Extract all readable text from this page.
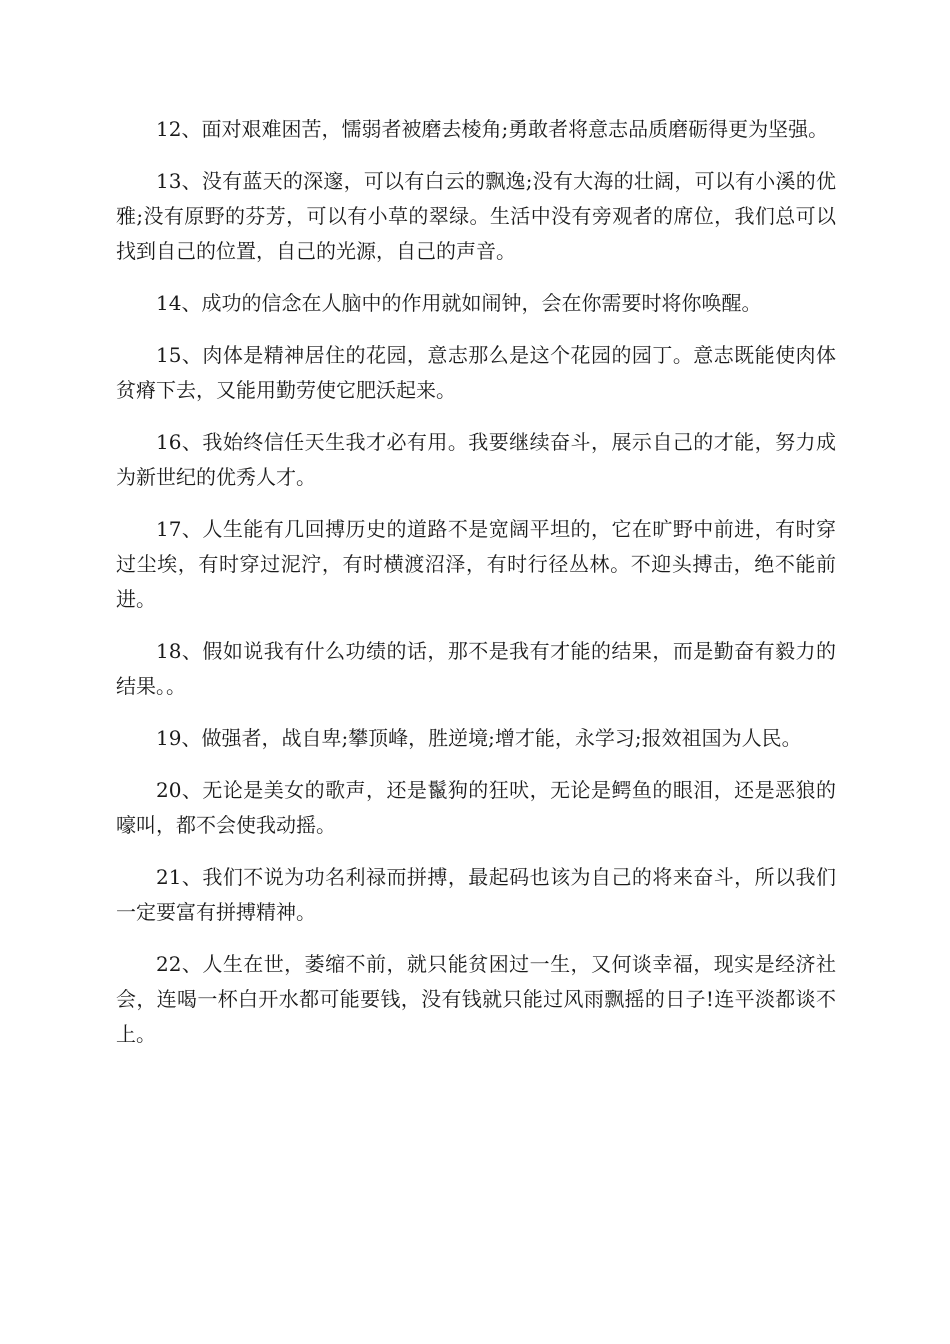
12、面对艰难困苦，懦弱者被磨去棱角;勇敢者将意志品质磨砺得更为坚强。

13、没有蓝天的深邃，可以有白云的飘逸;没有大海的壮阔，可以有小溪的优雅;没有原野的芬芳，可以有小草的翠绿。生活中没有旁观者的席位，我们总可以找到自己的位置，自己的光源，自己的声音。

14、成功的信念在人脑中的作用就如闹钟，会在你需要时将你唤醒。

15、肉体是精神居住的花园，意志那么是这个花园的园丁。意志既能使肉体贫瘠下去，又能用勤劳使它肥沃起来。

16、我始终信任天生我才必有用。我要继续奋斗，展示自己的才能，努力成为新世纪的优秀人才。

17、人生能有几回搏历史的道路不是宽阔平坦的，它在旷野中前进，有时穿过尘埃，有时穿过泥泞，有时横渡沼泽，有时行径丛林。不迎头搏击，绝不能前进。

18、假如说我有什么功绩的话，那不是我有才能的结果，而是勤奋有毅力的结果。。

19、做强者，战自卑;攀顶峰，胜逆境;增才能，永学习;报效祖国为人民。

20、无论是美女的歌声，还是鬣狗的狂吠，无论是鳄鱼的眼泪，还是恶狼的嚎叫，都不会使我动摇。

21、我们不说为功名利禄而拼搏，最起码也该为自己的将来奋斗，所以我们一定要富有拼搏精神。

22、人生在世，萎缩不前，就只能贫困过一生，又何谈幸福，现实是经济社会，连喝一杯白开水都可能要钱，没有钱就只能过风雨飘摇的日子!连平淡都谈不上。
